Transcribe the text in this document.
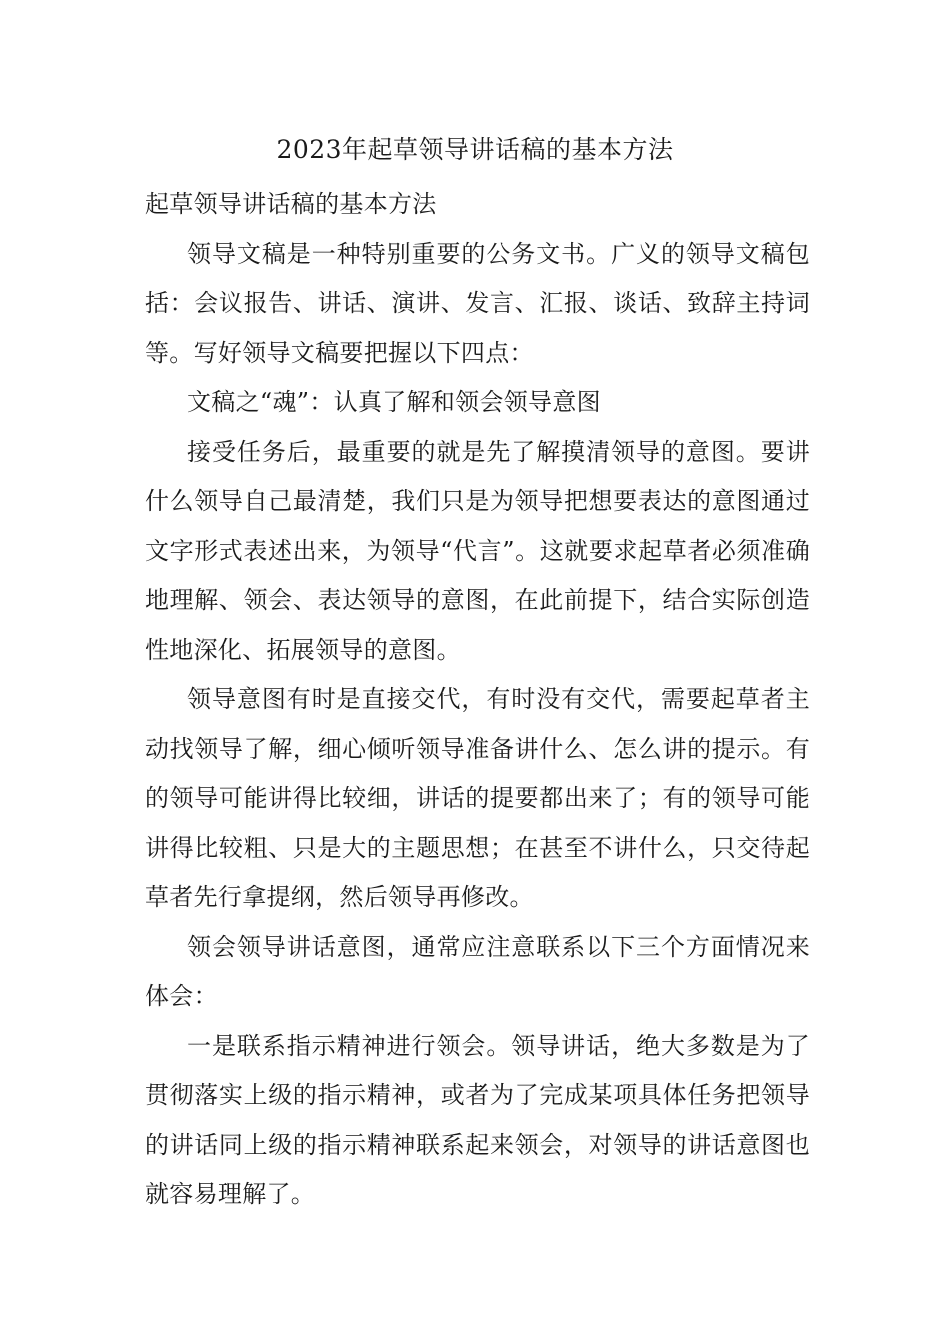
2023年起草领导讲话稿的基本方法

起草领导讲话稿的基本方法

领导文稿是一种特别重要的公务文书。广义的领导文稿包括：会议报告、讲话、演讲、发言、汇报、谈话、致辞主持词等。写好领导文稿要把握以下四点：

文稿之“魂”：认真了解和领会领导意图

接受任务后，最重要的就是先了解摸清领导的意图。要讲什么领导自己最清楚，我们只是为领导把想要表达的意图通过文字形式表述出来，为领导“代言”。这就要求起草者必须准确地理解、领会、表达领导的意图，在此前提下，结合实际创造性地深化、拓展领导的意图。

领导意图有时是直接交代，有时没有交代，需要起草者主动找领导了解，细心倾听领导准备讲什么、怎么讲的提示。有的领导可能讲得比较细，讲话的提要都出来了；有的领导可能讲得比较粗、只是大的主题思想；在甚至不讲什么，只交待起草者先行拿提纲，然后领导再修改。

领会领导讲话意图，通常应注意联系以下三个方面情况来体会：

一是联系指示精神进行领会。领导讲话，绝大多数是为了贯彻落实上级的指示精神，或者为了完成某项具体任务把领导的讲话同上级的指示精神联系起来领会，对领导的讲话意图也就容易理解了。
